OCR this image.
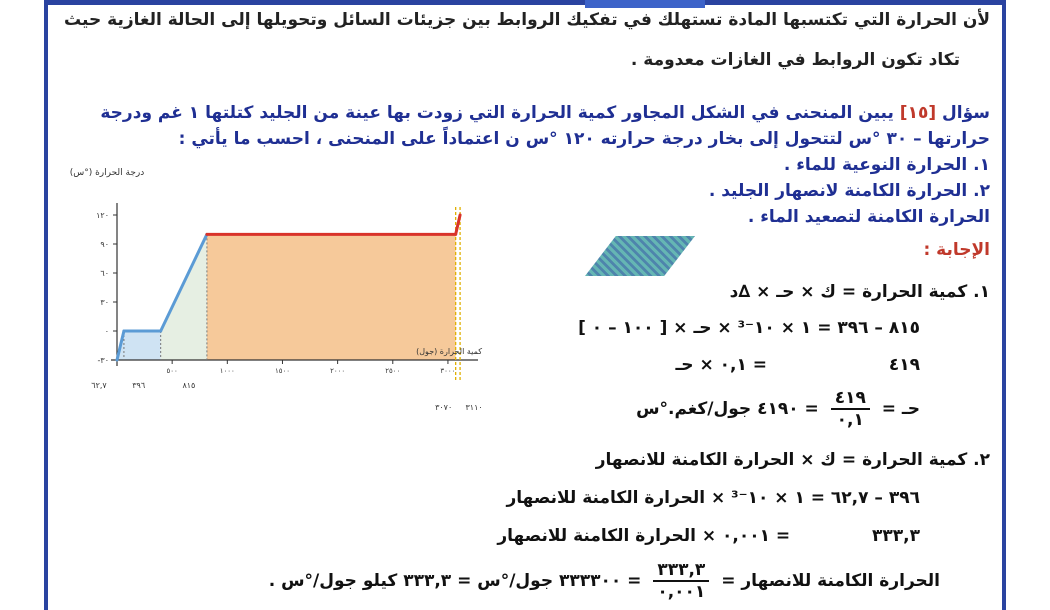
لأن الحرارة التي تكتسبها المادة تستهلك في تفكيك الروابط بين جزيئات السائل وتحويلها إلى الحالة الغازية حيث
تكاد تكون الروابط في الغازات معدومة .
سؤال [١٥] يبين المنحنى في الشكل المجاور كمية الحرارة التي زودت بها عينة من الجليد كتلتها ١ غم ودرجة
حرارتها – ٣٠ °س لتتحول إلى بخار درجة حرارته ١٢٠ °س ن اعتماداً على المنحنى ، احسب ما يأتي :
١. الحرارة النوعية للماء .
٢. الحرارة الكامنة لانصهار الجليد .
الحرارة الكامنة لتصعيد الماء .
الإجابة :
١. كمية الحرارة = ك × حـ × ∆د
٨١٥ – ٣٩٦ = ١ × ١٠⁻³ × حـ × [ ١٠٠ – ٠ ]
٤١٩  = ٠,١ × حـ
حـ =
$\frac{٤١٩}{٠,١}$
= ٤١٩٠ جول/كغم.°س
٢. كمية الحرارة = ك × الحرارة الكامنة للانصهار
٣٩٦ – ٦٢,٧ = ١ × ١٠⁻³ × الحرارة الكامنة للانصهار
٣٣٣,٣  = ٠,٠٠١ × الحرارة الكامنة للانصهار
الحرارة الكامنة للانصهار =
$\frac{٣٣٣,٣}{٠,٠٠١}$
= ٣٣٣٣٠٠ جول/°س = ٣٣٣,٣ كيلو جول/°س .
-٣٠
٠
٣٠
٦٠
٩٠
١٢٠
٥٠٠	١٠٠٠	١٥٠٠	٢٠٠٠	٢٥٠٠	٣٠٠٠
٦٢,٧	٣٩٦	٨١٥
٣٠٧٠ ٣١١٠
درجة الحرارة (°س)
كمية الحرارة (جول)
